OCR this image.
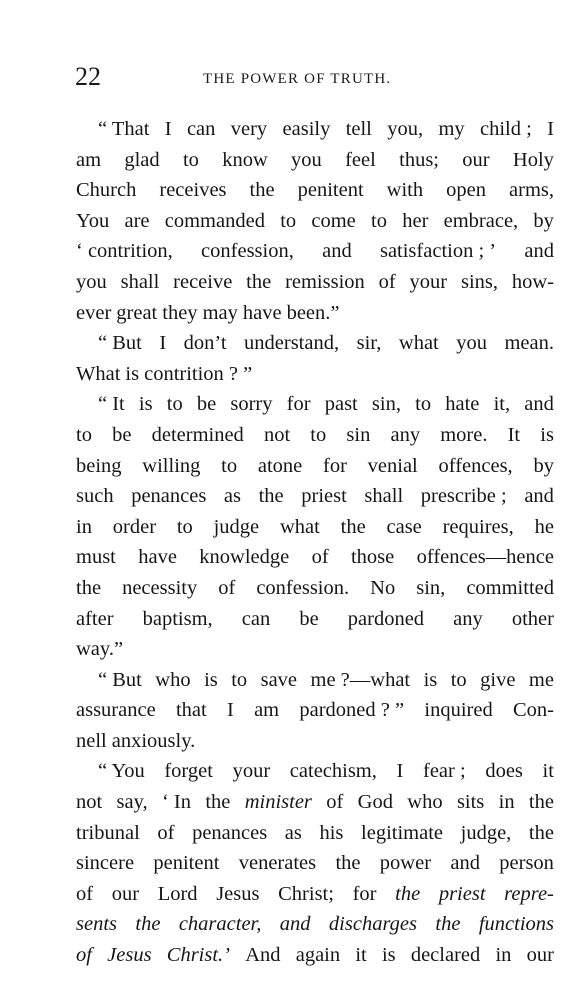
22	THE POWER OF TRUTH.
“ That I can very easily tell you, my child ; I
am glad to know you feel thus; our Holy
Church receives the penitent with open arms,
You are commanded to come to her embrace, by
‘ contrition, confession, and satisfaction ; ’ and
you shall receive the remission of your sins, how-
ever great they may have been.”
“ But I don’t understand, sir, what you mean.
What is contrition ? ”
“ It is to be sorry for past sin, to hate it, and
to be determined not to sin any more. It is
being willing to atone for venial offences, by
such penances as the priest shall prescribe ; and
in order to judge what the case requires, he
must have knowledge of those offences—hence
the necessity of confession. No sin, committed
after baptism, can be pardoned any other
way.”
“ But who is to save me ?—what is to give me
assurance that I am pardoned ? ” inquired Con-
nell anxiously.
“ You forget your catechism, I fear ; does it
not say, ‘ In the minister of God who sits in the
tribunal of penances as his legitimate judge, the
sincere penitent venerates the power and person
of our Lord Jesus Christ; for the priest repre-
sents the character, and discharges the functions
of Jesus Christ.’ And again it is declared in our
